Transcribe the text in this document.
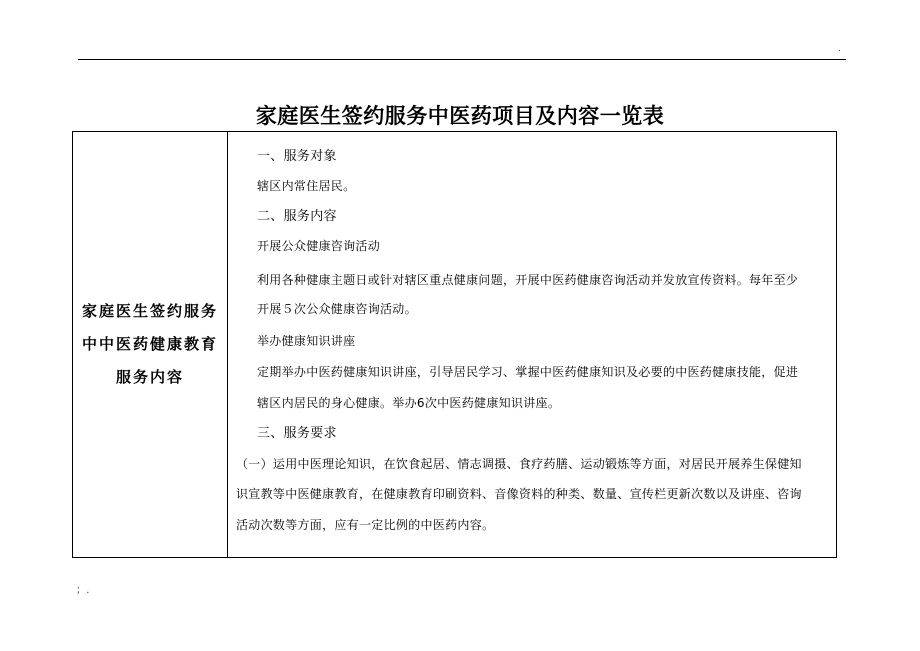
.
家庭医生签约服务中医药项目及内容一览表
家庭医生签约服务
中中医药健康教育
服务内容
一、服务对象
辖区内常住居民。
二、服务内容
开展公众健康咨询活动
利用各种健康主题日或针对辖区重点健康问题，开展中医药健康咨询活动并发放宣传资料。每年至少
开展５次公众健康咨询活动。
举办健康知识讲座
定期举办中医药健康知识讲座，引导居民学习、掌握中医药健康知识及必要的中医药健康技能，促进
辖区内居民的身心健康。举办6次中医药健康知识讲座。
三、服务要求
（一）运用中医理论知识，在饮食起居、情志调摄、食疗药膳、运动锻炼等方面，对居民开展养生保健知
识宣教等中医健康教育，在健康教育印刷资料、音像资料的种类、数量、宣传栏更新次数以及讲座、咨询
活动次数等方面，应有一定比例的中医药内容。
；.
